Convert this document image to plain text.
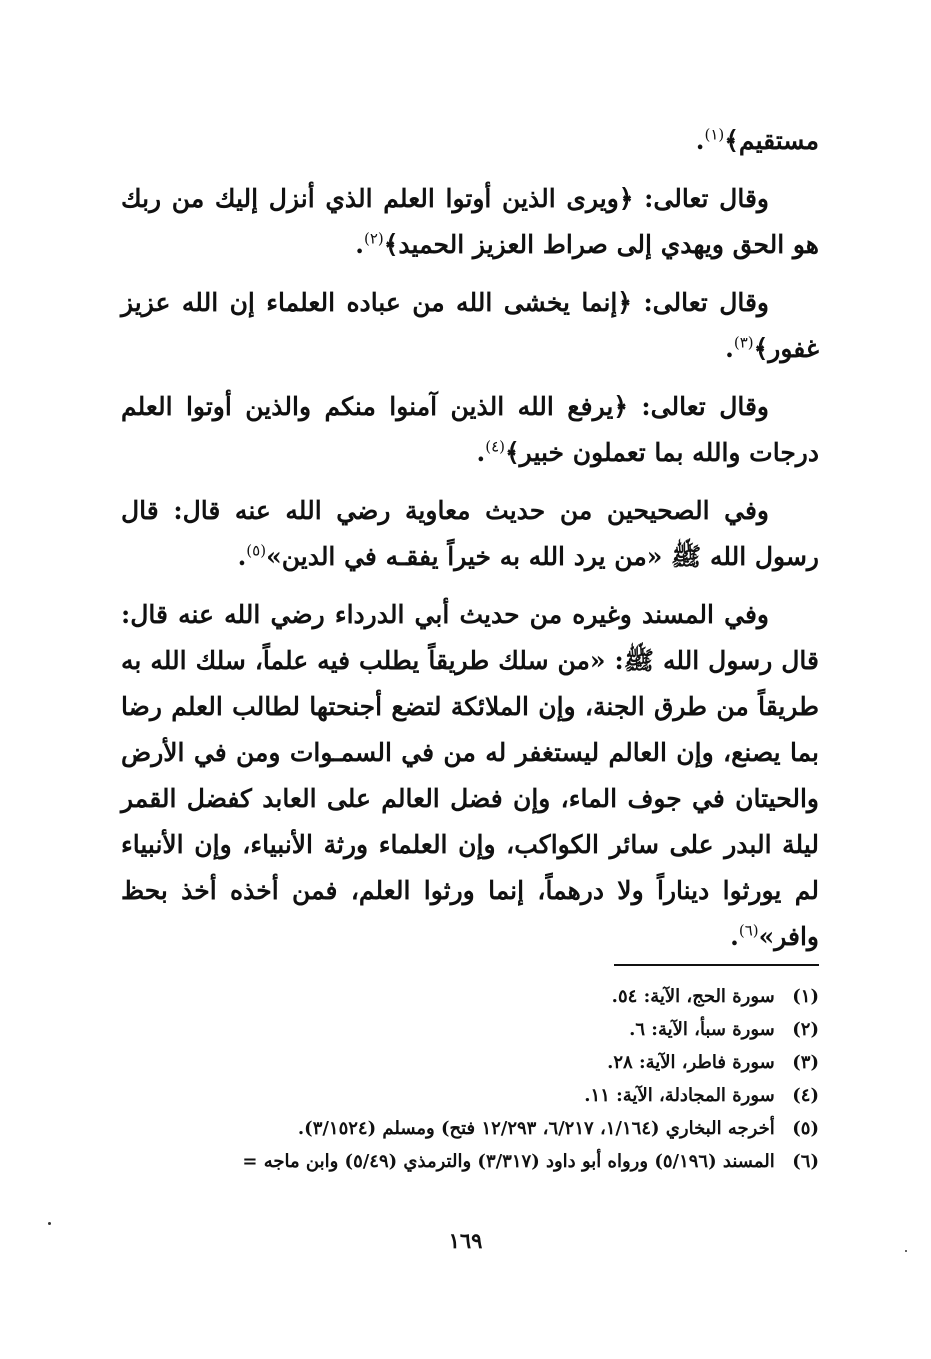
مستقيم﴾$^{(١)}$.

وقال تعالى: ﴿ويرى الذين أوتوا العلم الذي أنزل إليك من ربك هو الحق ويهدي إلى صراط العزيز الحميد﴾$^{(٢)}$.

وقال تعالى: ﴿إنما يخشى الله من عباده العلماء إن الله عزيز غفور﴾$^{(٣)}$.

وقال تعالى: ﴿يرفع الله الذين آمنوا منكم والذين أوتوا العلم درجات والله بما تعملون خبير﴾$^{(٤)}$.

وفي الصحيحين من حديث معاوية رضي الله عنه قال: قال رسول الله ﷺ «من يرد الله به خيراً يفقـه في الدين»$^{(٥)}$.

وفي المسند وغيره من حديث أبي الدرداء رضي الله عنه قال: قال رسول الله ﷺ: «من سلك طريقاً يطلب فيه علماً، سلك الله به طريقاً من طرق الجنة، وإن الملائكة لتضع أجنحتها لطالب العلم رضا بما يصنع، وإن العالم ليستغفر له من في السمـوات ومن في الأرض والحيتان في جوف الماء، وإن فضل العالم على العابد كفضل القمر ليلة البدر على سائر الكواكب، وإن العلماء ورثة الأنبياء، وإن الأنبياء لم يورثوا ديناراً ولا درهماً، إنما ورثوا العلم، فمن أخذه أخذ بحظ وافر»$^{(٦)}$.

(١) سورة الحج، الآية: ٥٤.
(٢) سورة سبأ، الآية: ٦.
(٣) سورة فاطر، الآية: ٢٨.
(٤) سورة المجادلة، الآية: ١١.
(٥) أخرجه البخاري (١/١٦٤، ٦/٢١٧، ١٢/٢٩٣ فتح) ومسلم (٣/١٥٢٤).
(٦) المسند (٥/١٩٦) ورواه أبو داود (٣/٣١٧) والترمذي (٥/٤٩) وابن ماجه =
١٦٩
